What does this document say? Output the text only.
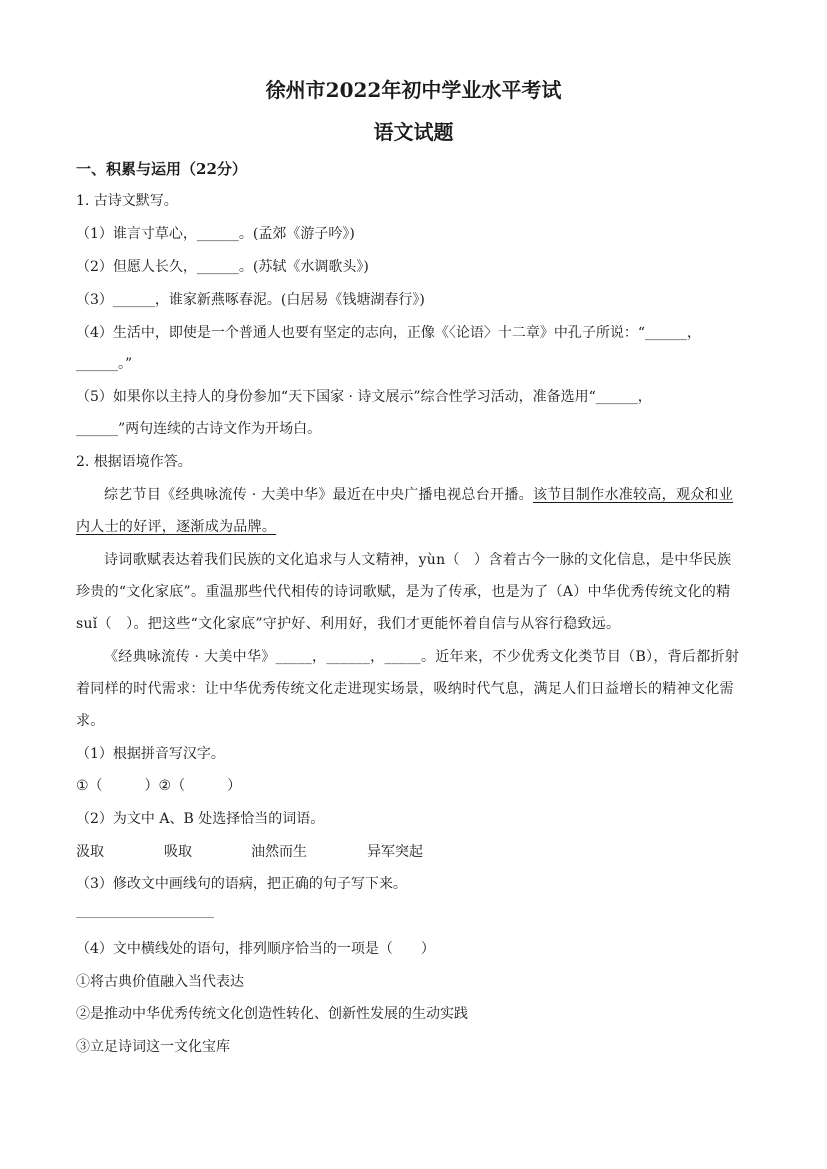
徐州市2022年初中学业水平考试
语文试题
一、积累与运用（22分）
1. 古诗文默写。
（1）谁言寸草心，______。(孟郊《游子吟》)
（2）但愿人长久，______。(苏轼《水调歌头》)
（3）______，谁家新燕啄春泥。(白居易《钱塘湖春行》)
（4）生活中，即使是一个普通人也要有坚定的志向，正像《〈论语〉十二章》中孔子所说：“______，
______。”
（5）如果你以主持人的身份参加“天下国家 · 诗文展示”综合性学习活动，准备选用“______，
______”两句连续的古诗文作为开场白。
2. 根据语境作答。
综艺节目《经典咏流传 · 大美中华》最近在中央广播电视总台开播。该节目制作水准较高，观众和业
内人士的好评，逐渐成为品牌。
诗词歌赋表达着我们民族的文化追求与人文精神，yùn（　）含着古今一脉的文化信息，是中华民族
珍贵的“文化家底”。重温那些代代相传的诗词歌赋，是为了传承，也是为了（A）中华优秀传统文化的精
suǐ（　）。把这些“文化家底”守护好、利用好，我们才更能怀着自信与从容行稳致远。
《经典咏流传 · 大美中华》_____，______，_____。近年来，不少优秀文化类节目（B），背后都折射
着同样的时代需求：让中华优秀传统文化走进现实场景，吸纳时代气息，满足人们日益增长的精神文化需
求。
（1）根据拼音写汉字。
①（　　　）②（　　　）
（2）为文中 A、B 处选择恰当的词语。
汲取	吸取	油然而生	异军突起
（3）修改文中画线句的语病，把正确的句子写下来。
（4）文中横线处的语句，排列顺序恰当的一项是（　　）
①将古典价值融入当代表达
②是推动中华优秀传统文化创造性转化、创新性发展的生动实践
③立足诗词这一文化宝库
